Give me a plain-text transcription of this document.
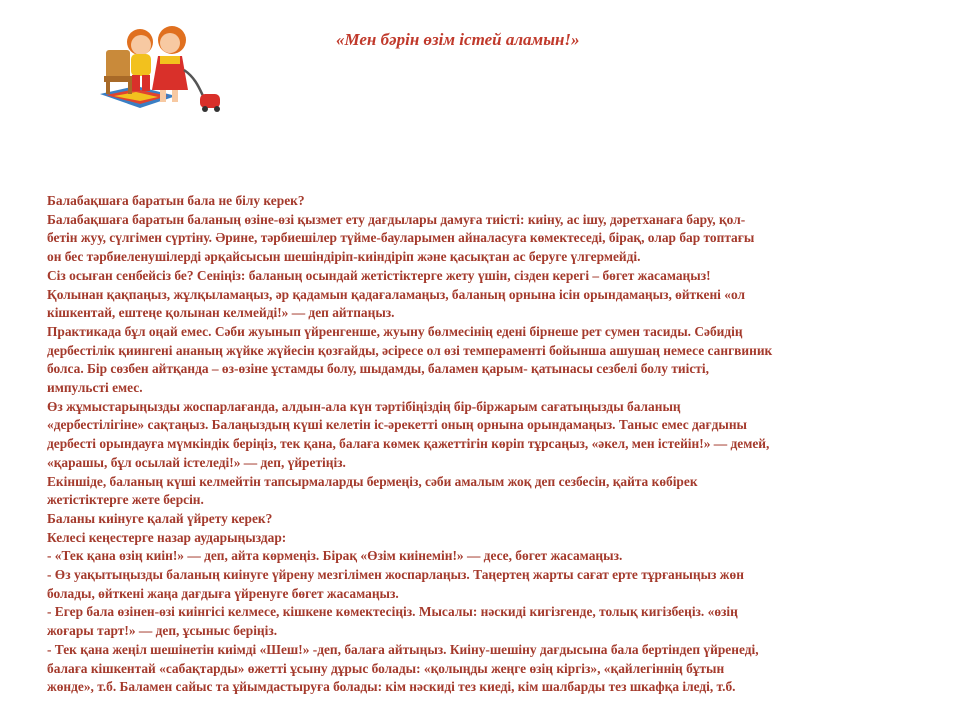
«Мен бәрін өзім істей аламын!»
Балабақшаға баратын бала не білу керек?
Балабақшаға баратын баланың өзіне-өзі қызмет ету дағдылары дамуға тиісті: киіну, ас ішу, дәретханаға бару, қол-
бетін жуу, сүлгімен сүртіну. Әрине, тәрбиешілер түйме-бауларымен айналасуға көмектеседі, бірақ, олар бар топтағы
он бес тәрбиеленушілерді әрқайсысын шешіндіріп-киіндіріп және қасықтан ас беруге үлгермейді.
Сіз осыған сенбейсіз бе? Сеніңіз: баланың осындай жетістіктерге жету үшін, сізден керегі – бөгет жасамаңыз!
Қолынан қақпаңыз, жұлқыламаңыз, әр қадамын қадағаламаңыз, баланың орнына ісін орындамаңыз, өйткені «ол
кішкентай, ештеңе қолынан келмейді!» — деп айтпаңыз.
Практикада бұл оңай емес. Сәби жуынып үйренгенше, жуыну бөлмесінің едені бірнеше рет сумен тасиды. Сәбидің
дербестілік қиингені ананың жүйке жүйесін қозғайды, әсіресе ол өзі темпераменті бойынша ашушаң немесе сангвиник
болса. Бір сөзбен айтқанда – өз-өзіне ұстамды болу, шыдамды, баламен қарым- қатынасы сезбелі болу тиісті,
импульсті емес.
Өз жұмыстарыңызды жоспарлағанда, алдын-ала күн тәртібіңіздің бір-біржарым сағатыңызды баланың
«дербестілігіне» сақтаңыз. Балаңыздың күші келетін іс-әрекетті оның орнына орындамаңыз. Таныс емес дағдыны
дербесті орындауға мүмкіндік беріңіз, тек қана, балаға көмек қажеттігін көріп тұрсаңыз, «әкел, мен істейін!» — демей,
«қарашы, бұл осылай істеледі!» — деп, үйретіңіз.
Екіншіде, баланың күші келмейтін тапсырмаларды бермеңіз, сәби амалым жоқ деп сезбесін, қайта көбірек
жетістіктерге жете берсін.
Баланы киінуге қалай үйрету керек?
Келесі кеңестерге назар аударыңыздар:
- «Тек қана өзің киін!» — деп, айта көрмеңіз. Бірақ «Өзім киінемін!» — десе, бөгет жасамаңыз.
- Өз уақытыңызды баланың киінуге үйрену мезгілімен жоспарлаңыз. Таңертең жарты сағат ерте тұрғаныңыз жөн
болады, өйткені жаңа дағдыға үйренуге бөгет жасамаңыз.
- Егер бала өзінен-өзі киінгісі келмесе, кішкене көмектесіңіз. Мысалы: нәскиді кигізгенде, толық кигізбеңіз. «өзің
жоғары тарт!» — деп, ұсыныс беріңіз.
- Тек қана жеңіл шешінетін киімді «Шеш!» -деп, балаға айтыңыз. Киіну-шешіну дағдысына бала бертіндеп үйренеді,
балаға кішкентай «сабақтарды» өжетті ұсыну дұрыс болады: «қолыңды жеңге өзің кіргіз», «қайлегіннің бұтын
жөнде», т.б. Баламен сайыс та ұйымдастыруға болады: кім нәскиді тез киеді, кім шалбарды тез шкафқа іледі, т.б.
